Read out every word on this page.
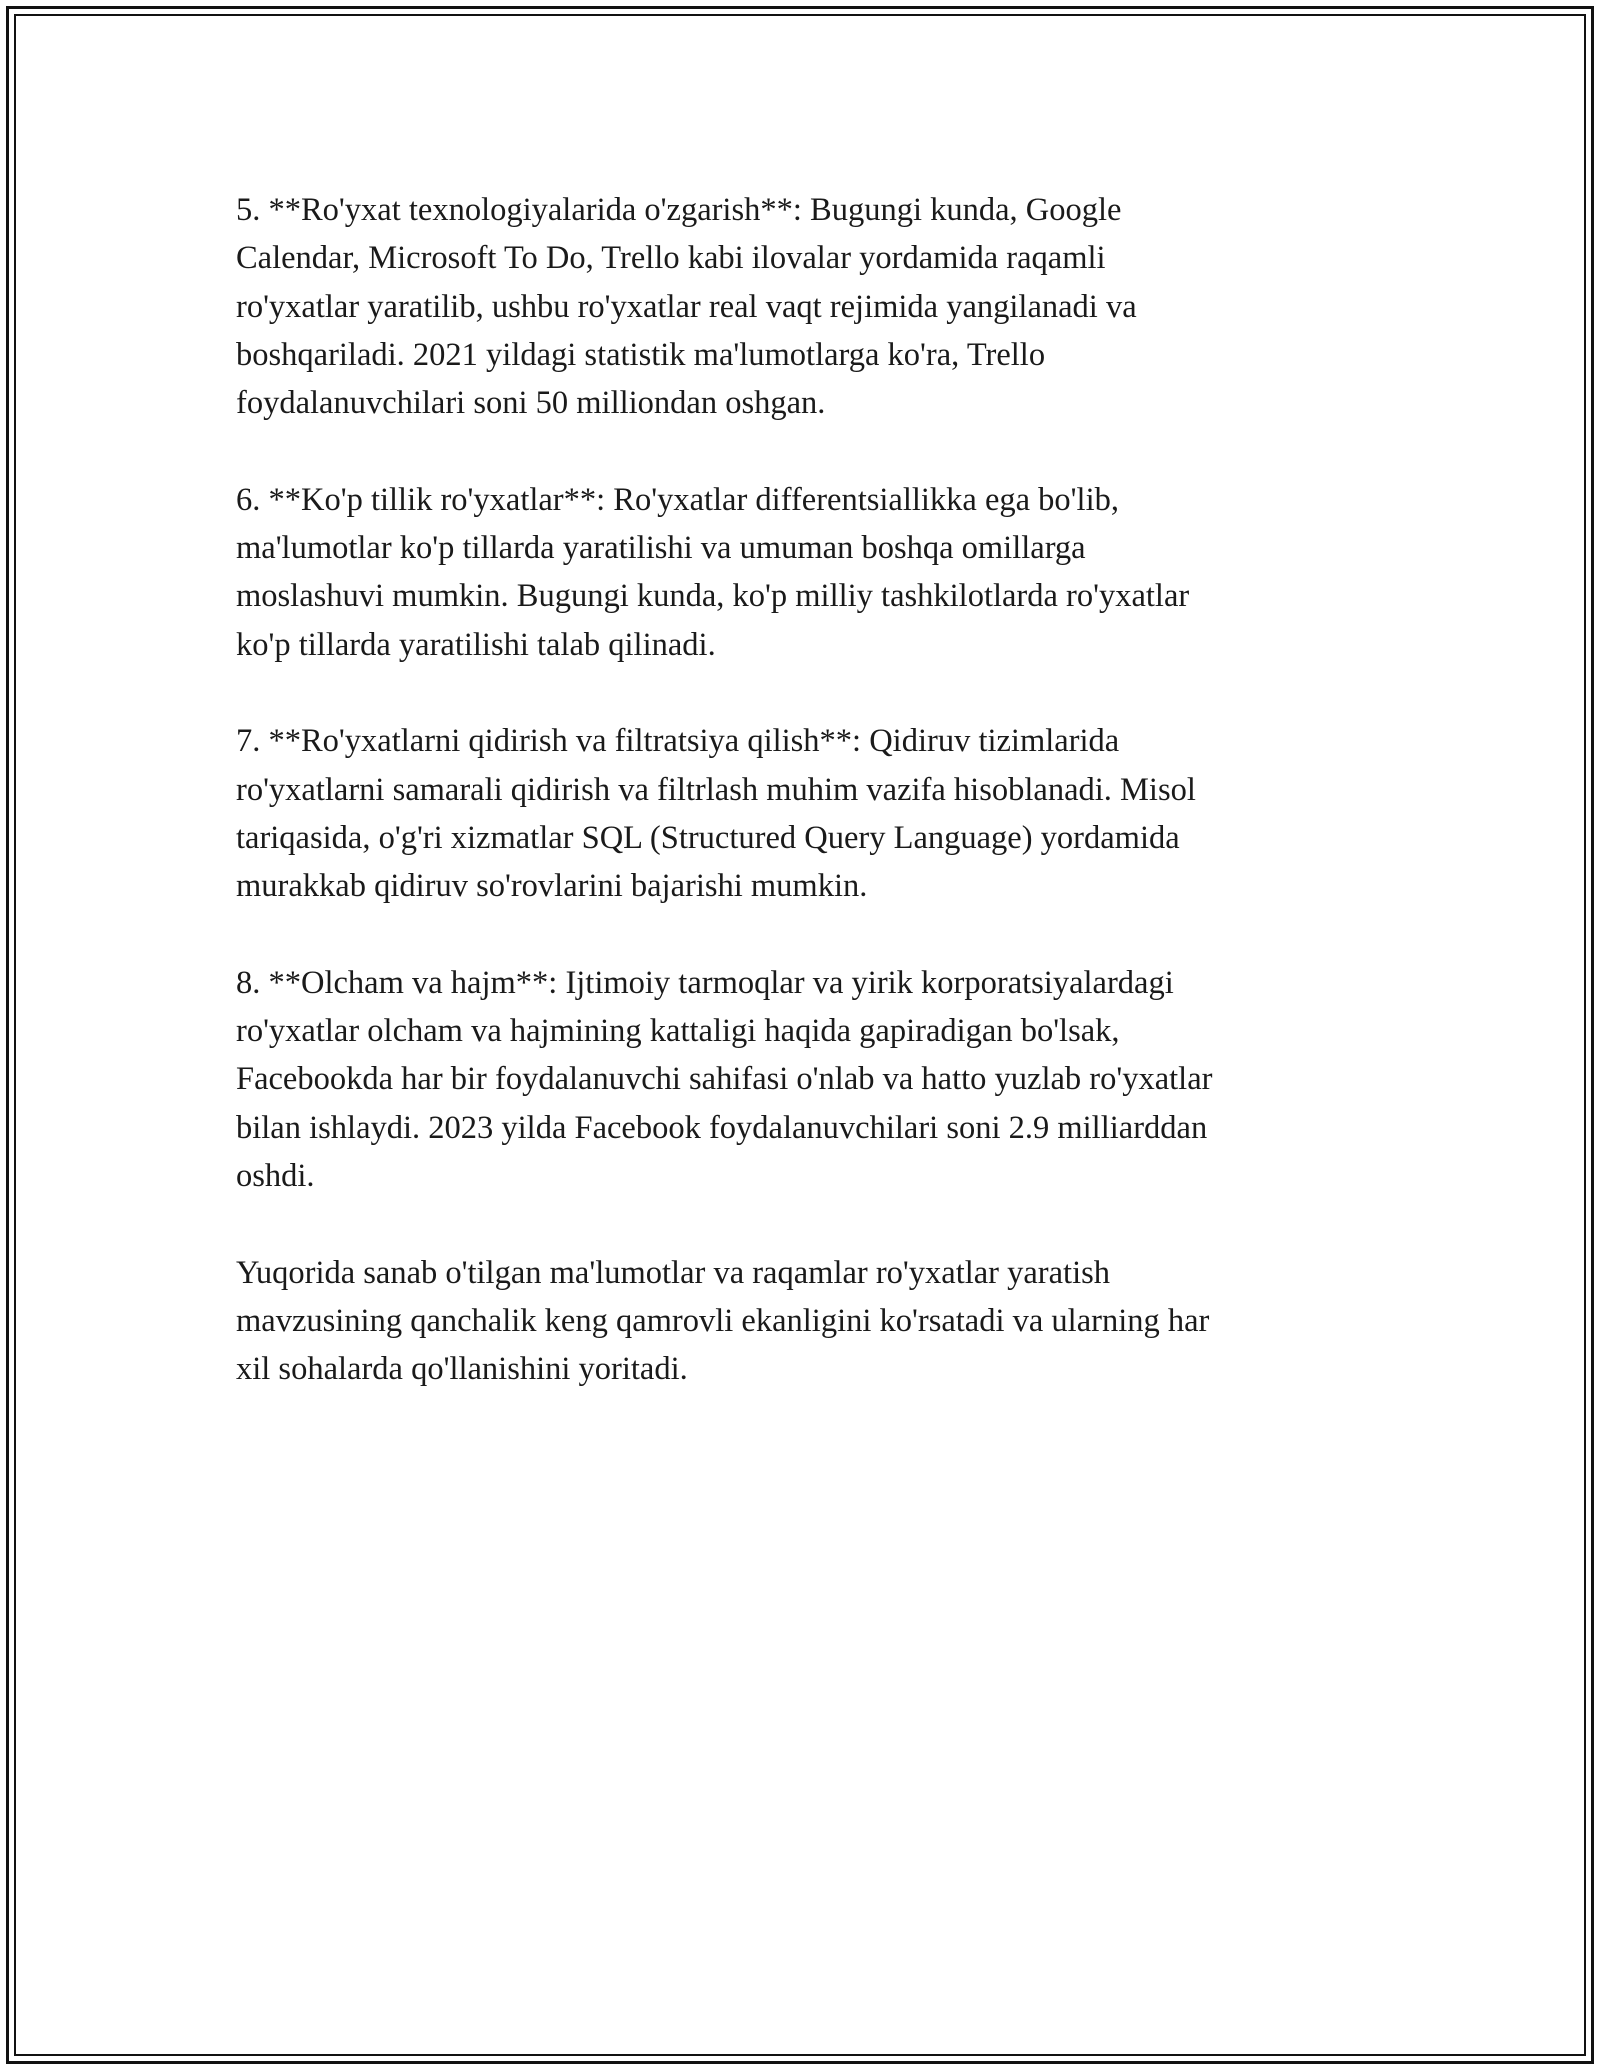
5. **Ro'yxat texnologiyalarida o'zgarish**: Bugungi kunda, Google
Calendar, Microsoft To Do, Trello kabi ilovalar yordamida raqamli
ro'yxatlar yaratilib, ushbu ro'yxatlar real vaqt rejimida yangilanadi va
boshqariladi. 2021 yildagi statistik ma'lumotlarga ko'ra, Trello
foydalanuvchilari soni 50 milliondan oshgan.

6. **Ko'p tillik ro'yxatlar**: Ro'yxatlar differentsiallikka ega bo'lib,
ma'lumotlar ko'p tillarda yaratilishi va umuman boshqa omillarga
moslashuvi mumkin. Bugungi kunda, ko'p milliy tashkilotlarda ro'yxatlar
ko'p tillarda yaratilishi talab qilinadi.

7. **Ro'yxatlarni qidirish va filtratsiya qilish**: Qidiruv tizimlarida
ro'yxatlarni samarali qidirish va filtrlash muhim vazifa hisoblanadi. Misol
tariqasida, o'g'ri xizmatlar SQL (Structured Query Language) yordamida
murakkab qidiruv so'rovlarini bajarishi mumkin.

8. **Olcham va hajm**: Ijtimoiy tarmoqlar va yirik korporatsiyalardagi
ro'yxatlar olcham va hajmining kattaligi haqida gapiradigan bo'lsak,
Facebookda har bir foydalanuvchi sahifasi o'nlab va hatto yuzlab ro'yxatlar
bilan ishlaydi. 2023 yilda Facebook foydalanuvchilari soni 2.9 milliarddan
oshdi.

Yuqorida sanab o'tilgan ma'lumotlar va raqamlar ro'yxatlar yaratish
mavzusining qanchalik keng qamrovli ekanligini ko'rsatadi va ularning har
xil sohalarda qo'llanishini yoritadi.
